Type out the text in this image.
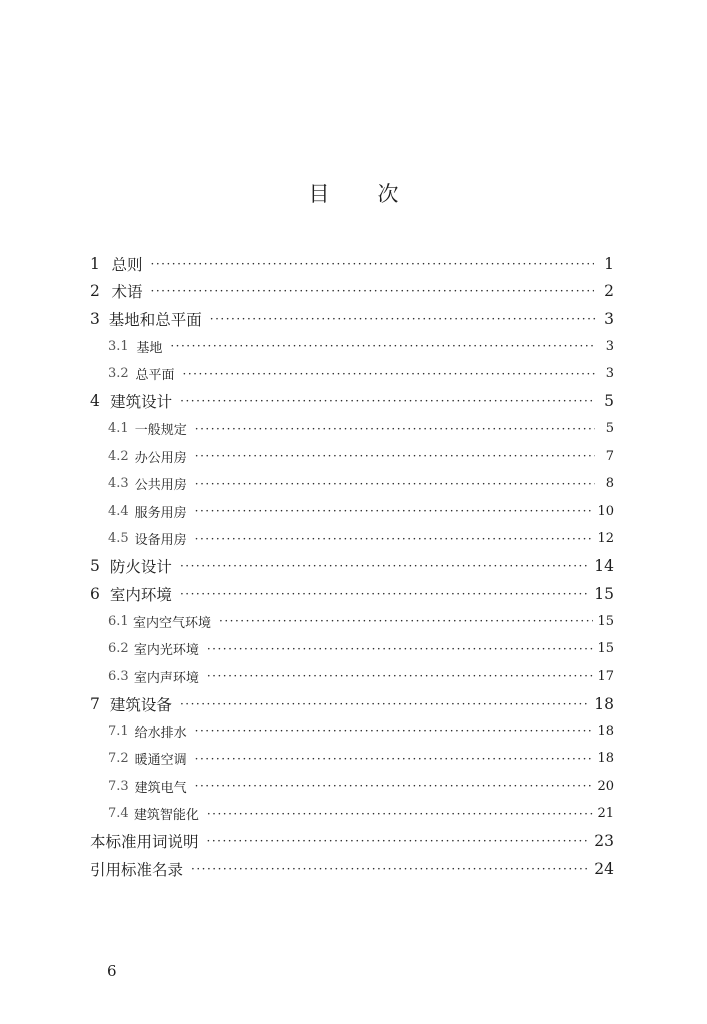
目 次
1 总则 ·····	1
2 术语 ·····	2
3 基地和总平面 ·····	3
3.1 基地 ·····	3
3.2 总平面 ·····	3
4 建筑设计 ·····	5
4.1 一般规定 ·····	5
4.2 办公用房 ·····	7
4.3 公共用房 ·····	8
4.4 服务用房 ·····	10
4.5 设备用房 ·····	12
5 防火设计 ·····	14
6 室内环境 ·····	15
6.1 室内空气环境 ·····	15
6.2 室内光环境 ·····	15
6.3 室内声环境 ·····	17
7 建筑设备 ·····	18
7.1 给水排水 ·····	18
7.2 暖通空调 ·····	18
7.3 建筑电气 ·····	20
7.4 建筑智能化 ·····	21
本标准用词说明 ·····	23
引用标准名录 ·····	24
6
